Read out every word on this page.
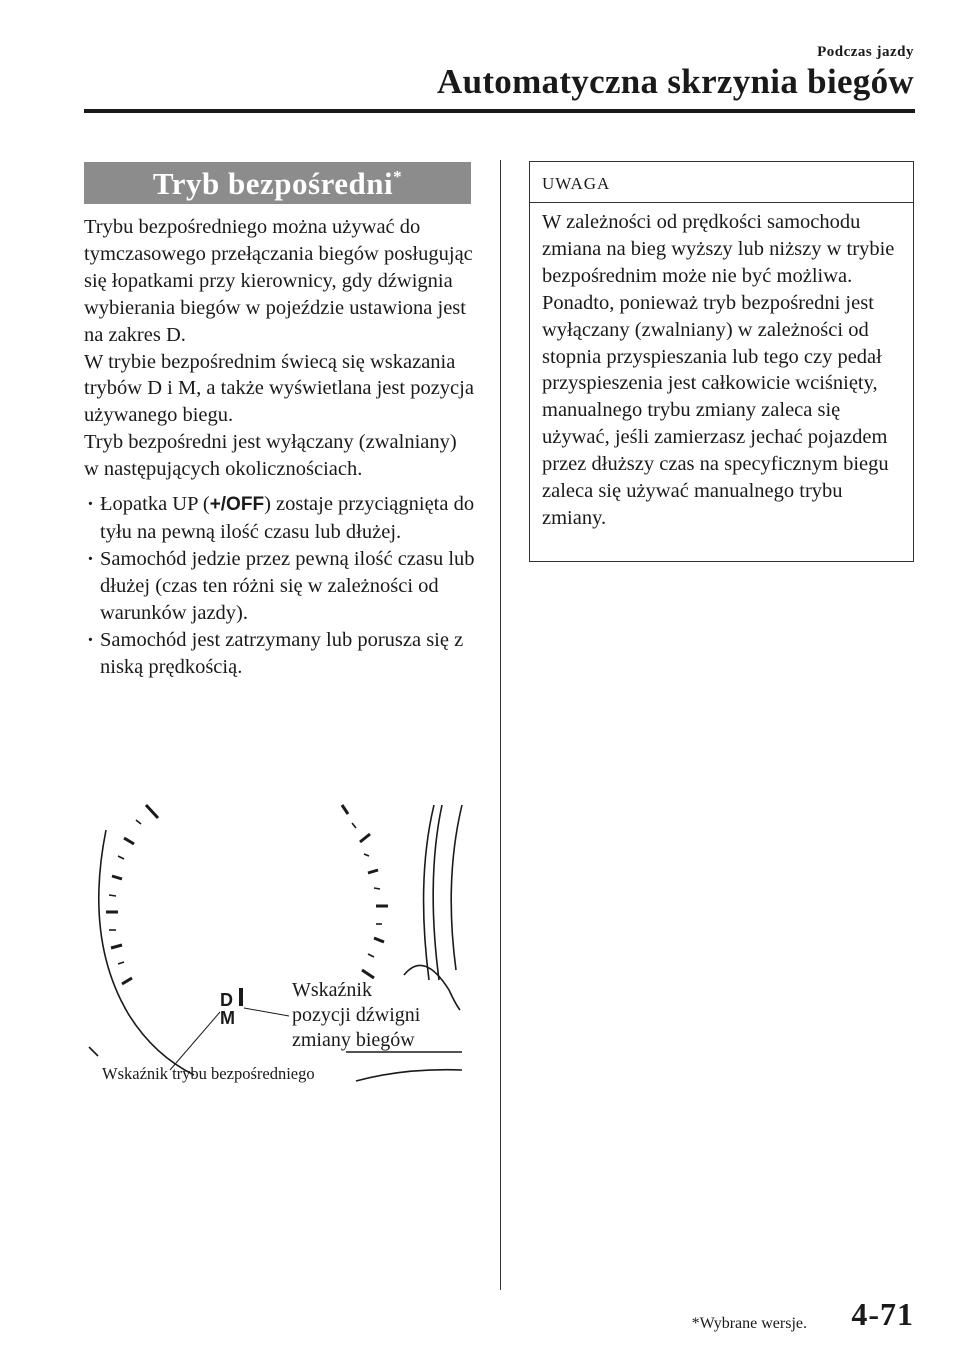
Podczas jazdy
Automatyczna skrzynia biegów
Tryb bezpośredni*

Trybu bezpośredniego można używać do tymczasowego przełączania biegów posługując się łopatkami przy kierownicy, gdy dźwignia wybierania biegów w pojeździe ustawiona jest na zakres D.

W trybie bezpośrednim świecą się wskazania trybów D i M, a także wyświetlana jest pozycja używanego biegu.

Tryb bezpośredni jest wyłączany (zwalniany) w następujących okolicznościach.

· Łopatka UP (+/OFF) zostaje przyciągnięta do tyłu na pewną ilość czasu lub dłużej.
· Samochód jedzie przez pewną ilość czasu lub dłużej (czas ten różni się w zależności od warunków jazdy).
· Samochód jest zatrzymany lub porusza się z niską prędkością.
UWAGA
W zależności od prędkości samochodu zmiana na bieg wyższy lub niższy w trybie bezpośrednim może nie być możliwa. Ponadto, ponieważ tryb bezpośredni jest wyłączany (zwalniany) w zależności od stopnia przyspieszania lub tego czy pedał przyspieszenia jest całkowicie wciśnięty, manualnego trybu zmiany zaleca się używać, jeśli zamierzasz jechać pojazdem przez dłuższy czas na specyficznym biegu zaleca się używać manualnego trybu zmiany.
D
M
Wskaźnik
pozycji dźwigni
zmiany biegów
Wskaźnik trybu bezpośredniego
*Wybrane wersje. 4-71
